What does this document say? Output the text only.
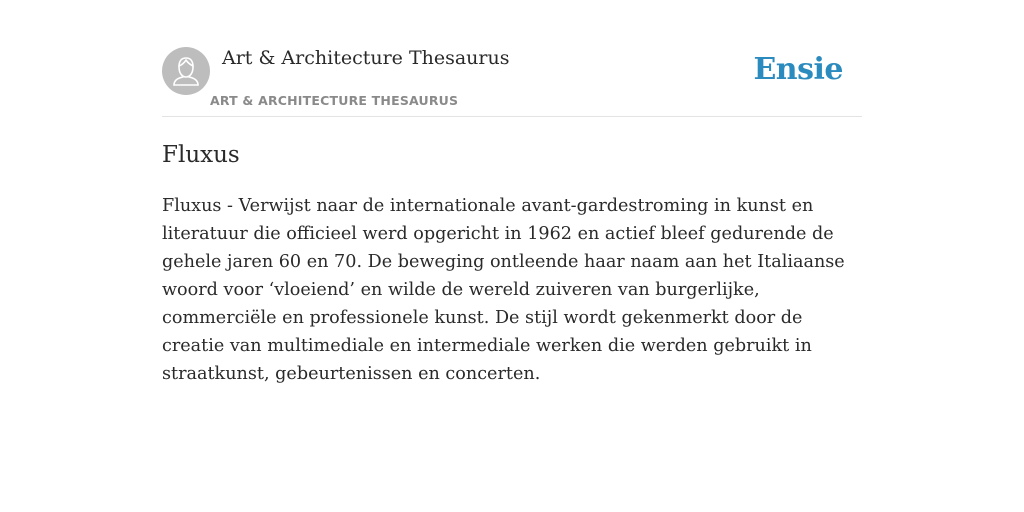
Art & Architecture Thesaurus
ART & ARCHITECTURE THESAURUS
Ensie
Fluxus

Fluxus - Verwijst naar de internationale avant-gardestroming in kunst en literatuur die officieel werd opgericht in 1962 en actief bleef gedurende de gehele jaren 60 en 70. De beweging ontleende haar naam aan het Italiaanse woord voor ‘vloeiend’ en wilde de wereld zuiveren van burgerlijke, commerciële en professionele kunst. De stijl wordt gekenmerkt door de creatie van multimediale en intermediale werken die werden gebruikt in straatkunst, gebeurtenissen en concerten.
